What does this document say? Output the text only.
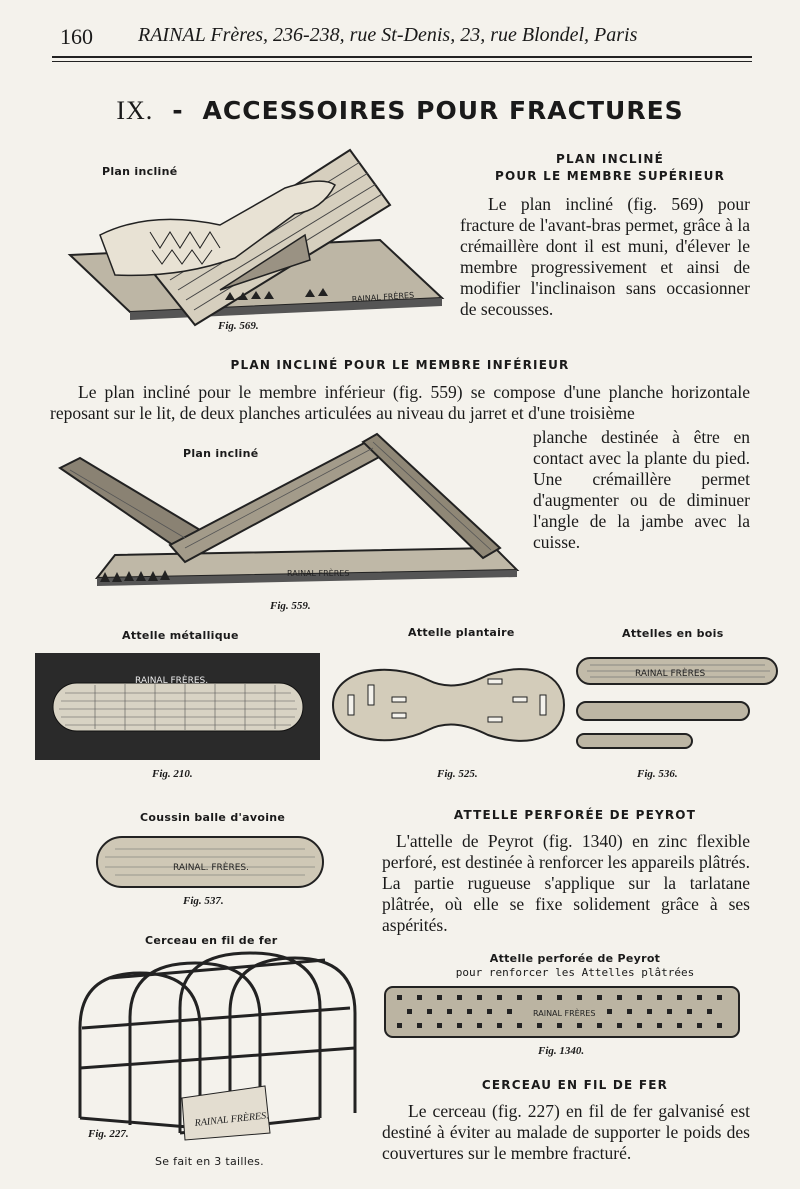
160 RAINAL Frères, 236-238, rue St-Denis, 23, rue Blondel, Paris
IX. - ACCESSOIRES POUR FRACTURES
Plan incliné
RAINAL FRÈRES
Fig. 569.
PLAN INCLINÉ
POUR LE MEMBRE SUPÉRIEUR
Le plan incliné (fig. 569) pour fracture de l'avant-bras permet, grâce à la crémaillère dont il est muni, d'élever le membre progressivement et ainsi de modifier l'inclinaison sans occasionner de secousses.
PLAN INCLINÉ POUR LE MEMBRE INFÉRIEUR
Le plan incliné pour le membre inférieur (fig. 559) se compose d'une planche horizontale reposant sur le lit, de deux planches articulées au niveau du jarret et d'une troisième
planche destinée à être en contact avec la plante du pied. Une crémaillère permet d'augmenter ou de diminuer l'angle de la jambe avec la cuisse.
Plan incliné
RAINAL FRÈRES
Fig. 559.
Attelle métallique
RAINAL FRÈRES.
Fig. 210.
Attelle plantaire
Fig. 525.
Attelles en bois
RAINAL FRÈRES
Fig. 536.
Coussin balle d'avoine
RAINAL. FRÈRES.
Fig. 537.
ATTELLE PERFORÉE DE PEYROT
L'attelle de Peyrot (fig. 1340) en zinc flexible perforé, est destinée à renforcer les appareils plâtrés. La partie rugueuse s'applique sur la tarlatane plâtrée, où elle se fixe solidement grâce à ses aspérités.
Attelle perforée de Peyrot
pour renforcer les Attelles plâtrées
RAINAL FRÈRES
Fig. 1340.
Cerceau en fil de fer
RAINAL FRÈRES.
Fig. 227.
Se fait en 3 tailles.
CERCEAU EN FIL DE FER
Le cerceau (fig. 227) en fil de fer galvanisé est destiné à éviter au malade de supporter le poids des couvertures sur le membre fracturé.
